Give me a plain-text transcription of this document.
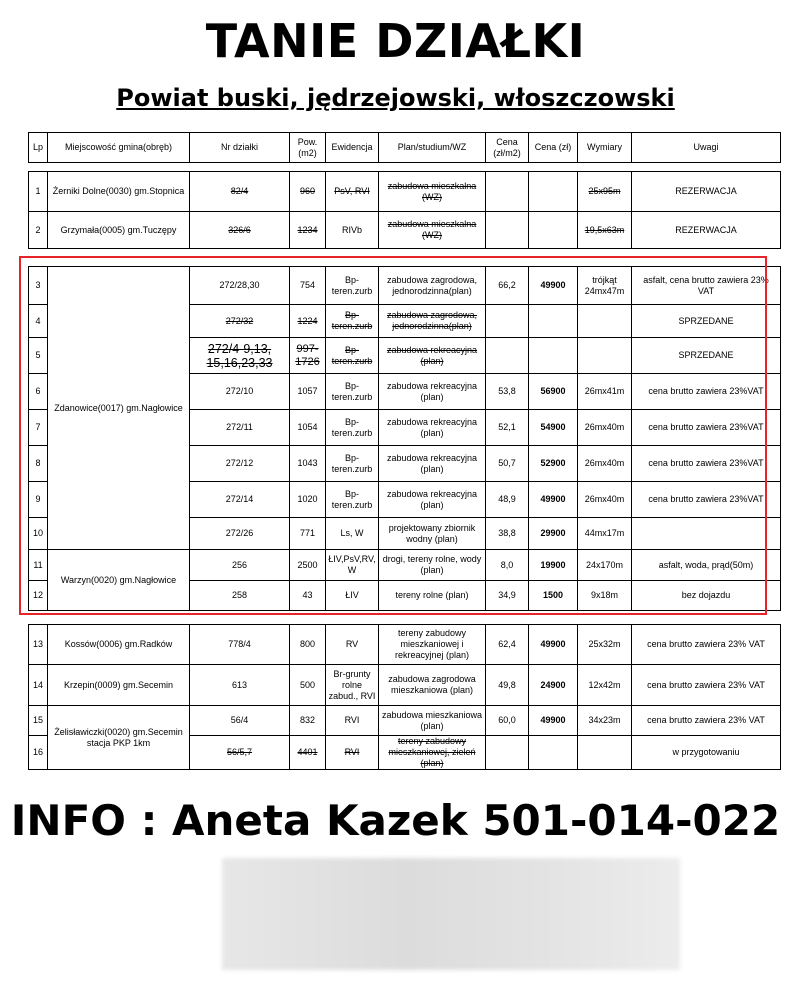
TANIE DZIAŁKI
Powiat buski, jędrzejowski, włoszczowski
Lp	Miejscowość gmina(obręb)	Nr działki	Pow. (m2)	Ewidencja	Plan/studium/WZ	Cena (zł/m2)	Cena (zł)	Wymiary	Uwagi
1	Żerniki Dolne(0030) gm.Stopnica	82/4	960	PsV, RVI	zabudowa mieszkalna (WZ)			25x95m	REZERWACJA
2	Grzymała(0005) gm.Tuczępy	326/6	1234	RIVb	zabudowa mieszkalna (WZ)			19,5x63m	REZERWACJA
3	Zdanowice(0017) gm.Nagłowice	272/28,30	754	Bp- teren.zurb	zabudowa zagrodowa, jednorodzinna(plan)	66,2	49900	trójkąt 24mx47m	asfalt, cena brutto zawiera 23% VAT
4		272/32	1224	Bp- teren.zurb	zabudowa zagrodowa, jednorodzinna(plan)				SPRZEDANE
5		272/4-9,13, 15,16,23,33	997- 1726	Bp- teren.zurb	zabudowa rekreacyjna (plan)				SPRZEDANE
6		272/10	1057	Bp- teren.zurb	zabudowa rekreacyjna (plan)	53,8	56900	26mx41m	cena brutto zawiera 23%VAT
7		272/11	1054	Bp- teren.zurb	zabudowa rekreacyjna (plan)	52,1	54900	26mx40m	cena brutto zawiera 23%VAT
8		272/12	1043	Bp- teren.zurb	zabudowa rekreacyjna (plan)	50,7	52900	26mx40m	cena brutto zawiera 23%VAT
9		272/14	1020	Bp- teren.zurb	zabudowa rekreacyjna (plan)	48,9	49900	26mx40m	cena brutto zawiera 23%VAT
10		272/26	771	Ls, W	projektowany zbiornik wodny (plan)	38,8	29900	44mx17m	
11	Warzyn(0020) gm.Nagłowice	256	2500	ŁIV,PsV,RV, W	drogi, tereny rolne, wody (plan)	8,0	19900	24x170m	asfalt, woda, prąd(50m)
12		258	43	ŁIV	tereny rolne (plan)	34,9	1500	9x18m	bez dojazdu
13	Kossów(0006) gm.Radków	778/4	800	RV	tereny zabudowy mieszkaniowej i rekreacyjnej (plan)	62,4	49900	25x32m	cena brutto zawiera 23% VAT
14	Krzepin(0009) gm.Secemin	613	500	Br-grunty rolne zabud., RVI	zabudowa zagrodowa mieszkaniowa (plan)	49,8	24900	12x42m	cena brutto zawiera 23% VAT
15	Żelisławiczki(0020) gm.Secemin stacja PKP 1km	56/4	832	RVI	zabudowa mieszkaniowa (plan)	60,0	49900	34x23m	cena brutto zawiera 23% VAT
16		56/5,7	4401	RVI	tereny zabudowy mieszkaniowej, zieleń (plan)				w przygotowaniu
INFO : Aneta Kazek 501-014-022
